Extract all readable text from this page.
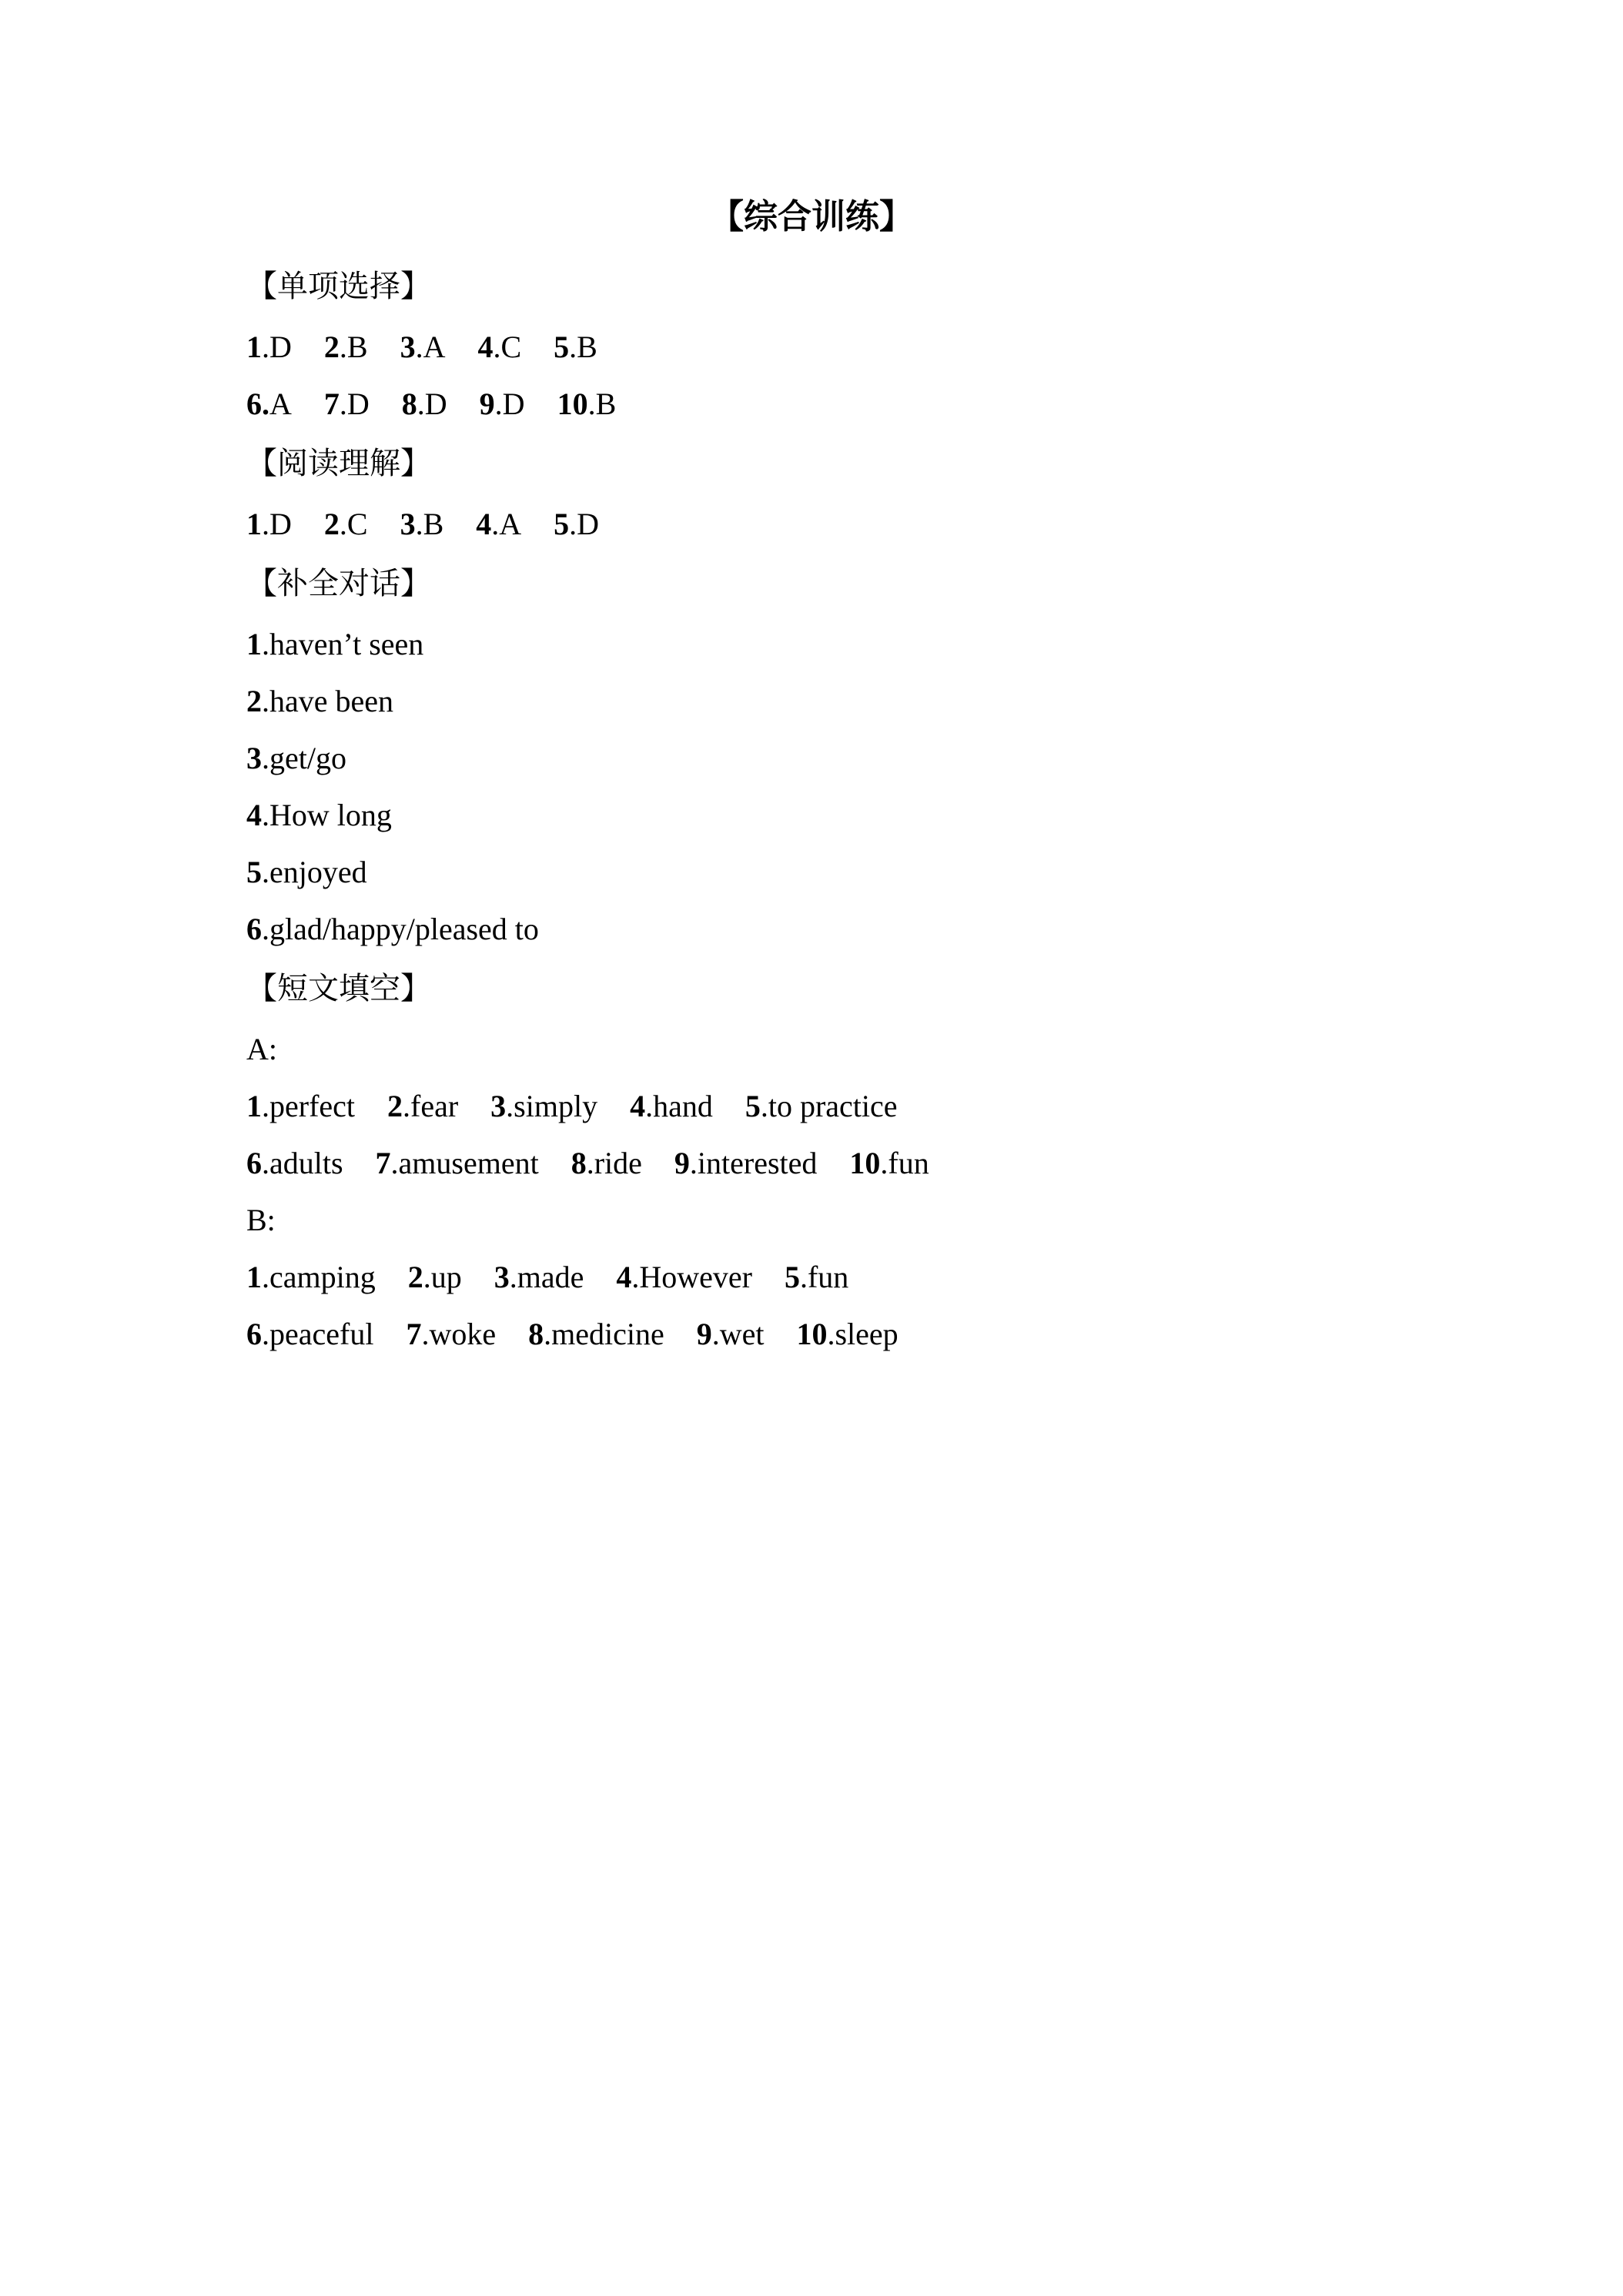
【综合训练】
【单项选择】
1.D 2.B 3.A 4.C 5.B
6.A 7.D 8.D 9.D 10.B
【阅读理解】
1.D 2.C 3.B 4.A 5.D
【补全对话】
1.haven’t seen
2.have been
3.get/go
4.How long
5.enjoyed
6.glad/happy/pleased to
【短文填空】
A:
1.perfect 2.fear 3.simply 4.hand 5.to practice
6.adults 7.amusement 8.ride 9.interested 10.fun
B:
1.camping 2.up 3.made 4.However 5.fun
6.peaceful 7.woke 8.medicine 9.wet 10.sleep
